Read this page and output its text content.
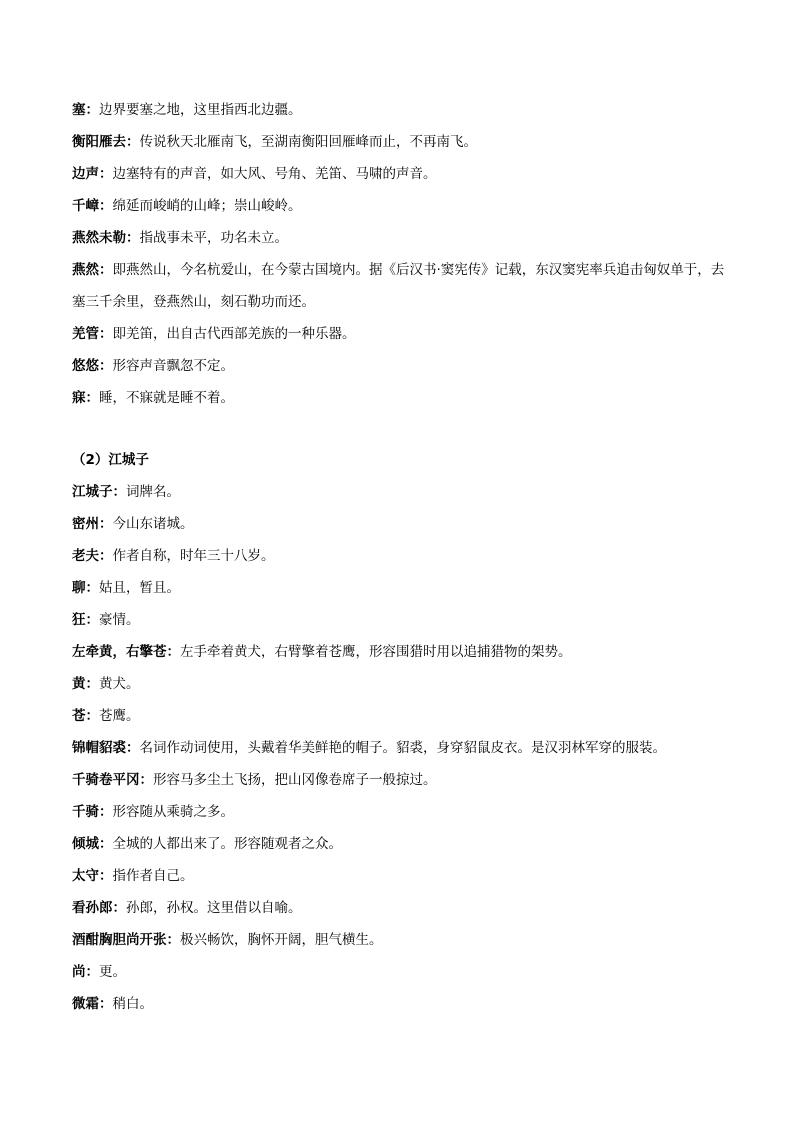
塞：边界要塞之地，这里指西北边疆。

衡阳雁去：传说秋天北雁南飞，至湖南衡阳回雁峰而止，不再南飞。

边声：边塞特有的声音，如大风、号角、羌笛、马啸的声音。

千嶂：绵延而峻峭的山峰；崇山峻岭。

燕然未勒：指战事未平，功名未立。

燕然：即燕然山，今名杭爱山，在今蒙古国境内。据《后汉书·窦宪传》记载，东汉窦宪率兵追击匈奴单于，去塞三千余里，登燕然山，刻石勒功而还。

羌管：即羌笛，出自古代西部羌族的一种乐器。

悠悠：形容声音飘忽不定。

寐：睡，不寐就是睡不着。

（2）江城子

江城子：词牌名。

密州：今山东诸城。

老夫：作者自称，时年三十八岁。

聊：姑且，暂且。

狂：豪情。

左牵黄，右擎苍：左手牵着黄犬，右臂擎着苍鹰，形容围猎时用以追捕猎物的架势。

黄：黄犬。

苍：苍鹰。

锦帽貂裘：名词作动词使用，头戴着华美鲜艳的帽子。貂裘，身穿貂鼠皮衣。是汉羽林军穿的服装。

千骑卷平冈：形容马多尘土飞扬，把山冈像卷席子一般掠过。

千骑：形容随从乘骑之多。

倾城：全城的人都出来了。形容随观者之众。

太守：指作者自己。

看孙郎：孙郎，孙权。这里借以自喻。

酒酣胸胆尚开张：极兴畅饮，胸怀开阔，胆气横生。

尚：更。

微霜：稍白。
